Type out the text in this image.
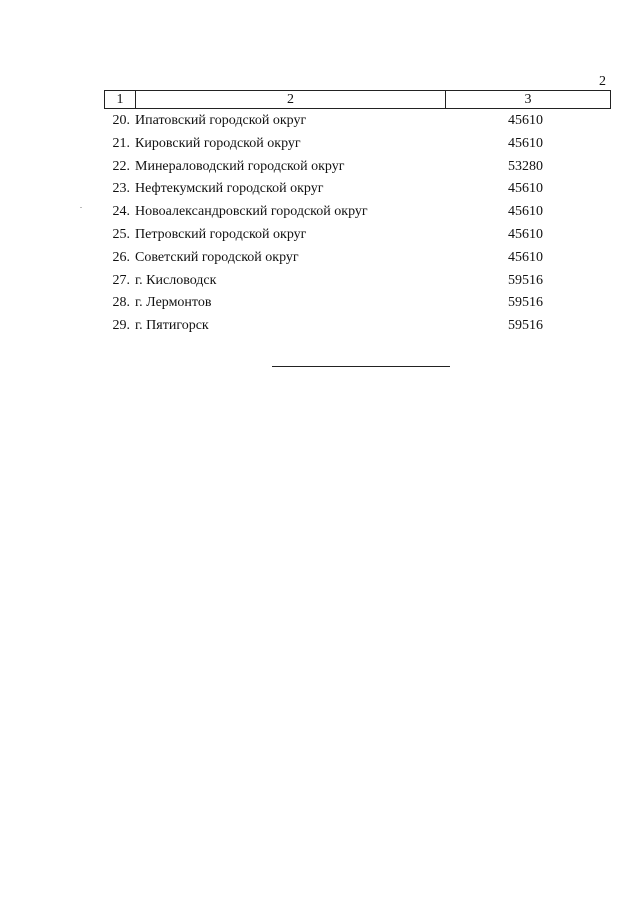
2
1	2	3
20. Ипатовский городской округ	45610
21. Кировский городской округ	45610
22. Минераловодский городской округ	53280
23. Нефтекумский городской округ	45610
24. Новоалександровский городской округ	45610
25. Петровский городской округ	45610
26. Советский городской округ	45610
27. г. Кисловодск	59516
28. г. Лермонтов	59516
29. г. Пятигорск	59516
